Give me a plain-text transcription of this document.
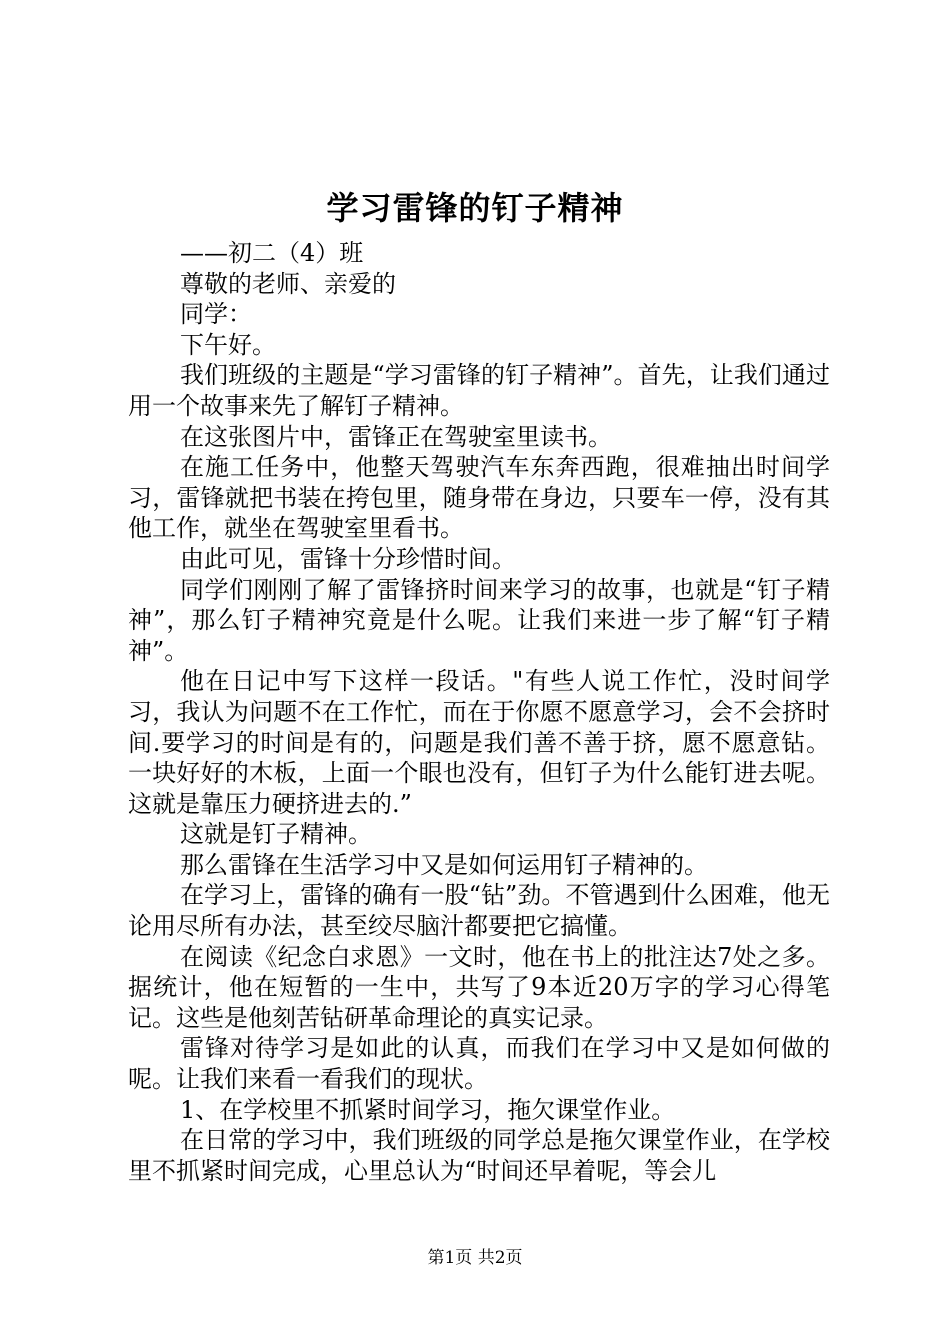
学习雷锋的钉子精神

——初二（4）班

尊敬的老师、亲爱的

同学：

下午好。

我们班级的主题是“学习雷锋的钉子精神”。首先，让我们通过用一个故事来先了解钉子精神。

在这张图片中，雷锋正在驾驶室里读书。

在施工任务中，他整天驾驶汽车东奔西跑，很难抽出时间学习，雷锋就把书装在挎包里，随身带在身边，只要车一停，没有其他工作，就坐在驾驶室里看书。

由此可见，雷锋十分珍惜时间。

同学们刚刚了解了雷锋挤时间来学习的故事，也就是“钉子精神”，那么钉子精神究竟是什么呢。让我们来进一步了解“钉子精神”。

他在日记中写下这样一段话。"有些人说工作忙，没时间学习，我认为问题不在工作忙，而在于你愿不愿意学习，会不会挤时间.要学习的时间是有的，问题是我们善不善于挤，愿不愿意钻。一块好好的木板，上面一个眼也没有，但钉子为什么能钉进去呢。这就是靠压力硬挤进去的.”

这就是钉子精神。

那么雷锋在生活学习中又是如何运用钉子精神的。

在学习上，雷锋的确有一股“钻”劲。不管遇到什么困难，他无论用尽所有办法，甚至绞尽脑汁都要把它搞懂。

在阅读《纪念白求恩》一文时，他在书上的批注达7处之多。据统计，他在短暂的一生中，共写了9本近20万字的学习心得笔记。这些是他刻苦钻研革命理论的真实记录。

雷锋对待学习是如此的认真，而我们在学习中又是如何做的呢。让我们来看一看我们的现状。

1、在学校里不抓紧时间学习，拖欠课堂作业。

在日常的学习中，我们班级的同学总是拖欠课堂作业，在学校里不抓紧时间完成，心里总认为“时间还早着呢，等会儿

第1页 共2页
